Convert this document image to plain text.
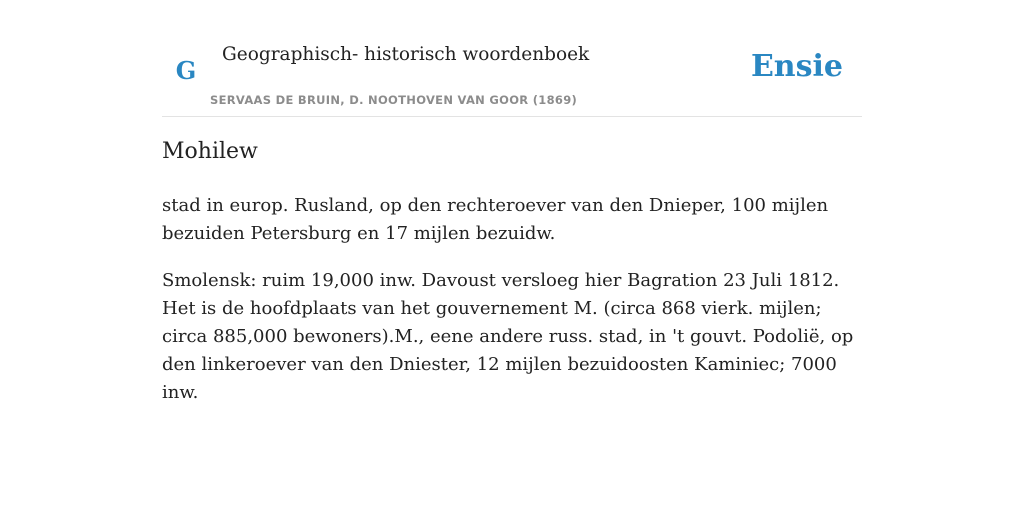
G
Geographisch- historisch woordenboek
SERVAAS DE BRUIN, D. NOOTHOVEN VAN GOOR (1869)
Ensie
Mohilew

stad in europ. Rusland, op den rechteroever van den Dnieper, 100 mijlen bezuiden Petersburg en 17 mijlen bezuidw.

Smolensk: ruim 19,000 inw. Davoust versloeg hier Bagration 23 Juli 1812. Het is de hoofdplaats van het gouvernement M. (circa 868 vierk. mijlen; circa 885,000 bewoners).M., eene andere russ. stad, in 't gouvt. Podolië, op den linkeroever van den Dniester, 12 mijlen bezuidoosten Kaminiec; 7000 inw.
